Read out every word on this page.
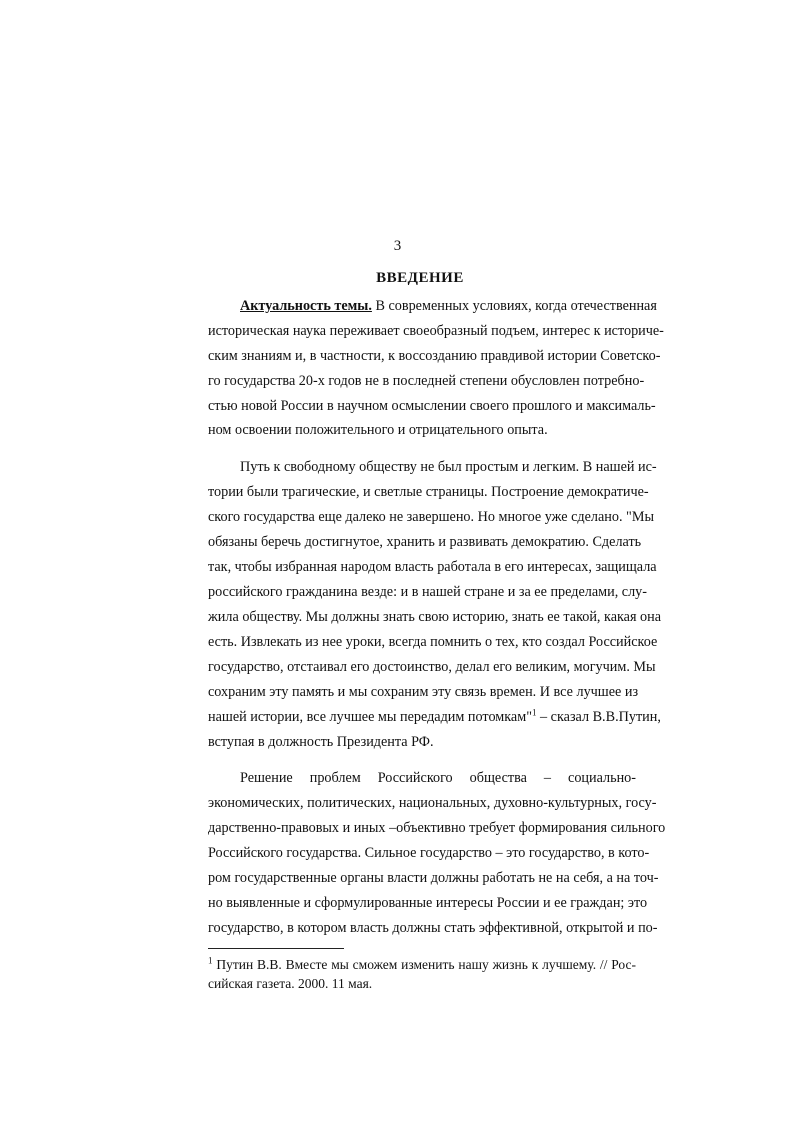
3
ВВЕДЕНИЕ
Актуальность темы. В современных условиях, когда отечественная
историческая наука переживает своеобразный подъем, интерес к историче-
ским знаниям и, в частности, к воссозданию правдивой истории Советско-
го государства 20-х годов не в последней степени обусловлен потребно-
стью новой России в научном осмыслении своего прошлого и максималь-
ном освоении положительного и отрицательного опыта.
Путь к свободному обществу не был простым и легким. В нашей ис-
тории были трагические, и светлые страницы. Построение демократиче-
ского государства еще далеко не завершено. Но многое уже сделано. "Мы
обязаны беречь достигнутое, хранить и развивать демократию. Сделать
так, чтобы избранная народом власть работала в его интересах, защищала
российского гражданина везде: и в нашей стране и за ее пределами, слу-
жила обществу. Мы должны знать свою историю, знать ее такой, какая она
есть. Извлекать из нее уроки, всегда помнить о тех, кто создал Российское
государство, отстаивал его достоинство, делал его великим, могучим. Мы
сохраним эту память и мы сохраним эту связь времен. И все лучшее из
нашей истории, все лучшее мы передадим потомкам"$^1$ – сказал В.В.Путин,
вступая в должность Президента РФ.
Решение проблем Российского общества – социально-
экономических, политических, национальных, духовно-культурных, госу-
дарственно-правовых и иных –объективно требует формирования сильного
Российского государства. Сильное государство – это государство, в кото-
ром государственные органы власти должны работать не на себя, а на точ-
но выявленные и сформулированные интересы России и ее граждан; это
государство, в котором власть должны стать эффективной, открытой и по-
$^1$ Путин В.В. Вместе мы сможем изменить нашу жизнь к лучшему. // Рос-
сийская газета. 2000. 11 мая.
